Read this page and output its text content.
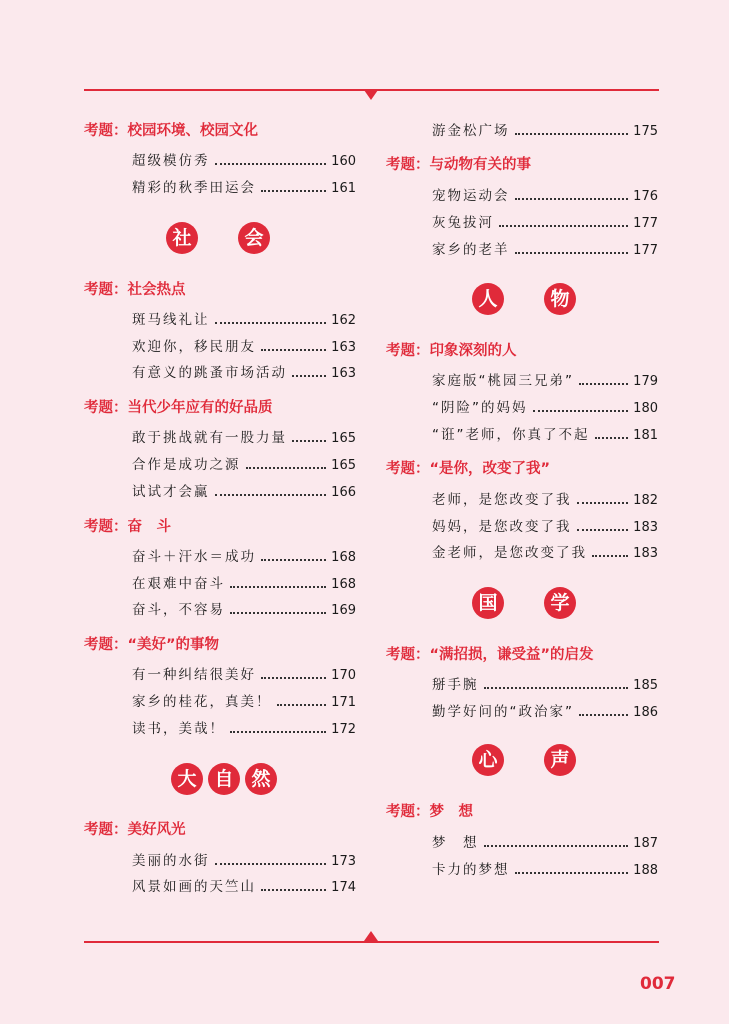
考题：校园环境、校园文化
超级模仿秀	160
精彩的秋季田运会	161
社	会
考题：社会热点
斑马线礼让	162
欢迎你，移民朋友	163
有意义的跳蚤市场活动	163
考题：当代少年应有的好品质
敢于挑战就有一股力量	165
合作是成功之源	165
试试才会赢	166
考题：奋　斗
奋斗＋汗水＝成功	168
在艰难中奋斗	168
奋斗，不容易	169
考题：“美好”的事物
有一种纠结很美好	170
家乡的桂花，真美！	171
读书，美哉！	172
大 自 然
考题：美好风光
美丽的水街	173
风景如画的天竺山	174
游金松广场	175
考题：与动物有关的事
宠物运动会	176
灰兔拔河	177
家乡的老羊	177
人	物
考题：印象深刻的人
家庭版“桃园三兄弟”	179
“阴险”的妈妈	180
“诳”老师，你真了不起	181
考题：“是你，改变了我”
老师，是您改变了我	182
妈妈，是您改变了我	183
金老师，是您改变了我	183
国	学
考题：“满招损，谦受益”的启发
掰手腕	185
勤学好问的“政治家”	186
心	声
考题：梦　想
梦　想	187
卡力的梦想	188
007
